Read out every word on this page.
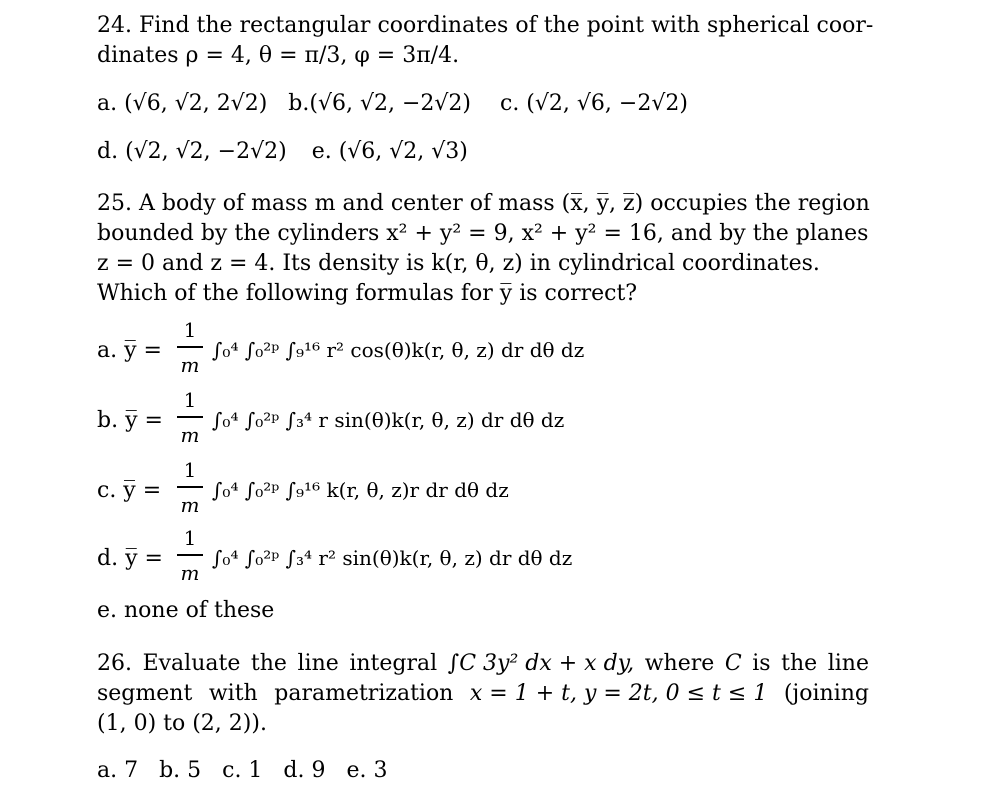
24. Find the rectangular coordinates of the point with spherical coor-
dinates ρ = 4, θ = π/3, φ = 3π/4.
a. (√6, √2, 2√2) b.(√6, √2, −2√2) c. (√2, √6, −2√2)
d. (√2, √2, −2√2) e. (√6, √2, √3)
25. A body of mass m and center of mass (x̅, y̅, z̅) occupies the region
bounded by the cylinders x² + y² = 9, x² + y² = 16, and by the planes
z = 0 and z = 4. Its density is k(r, θ, z) in cylindrical coordinates.
Which of the following formulas for y̅ is correct?
a. y̅ =
1
m
∫₀⁴ ∫₀²ᵖ ∫₉¹⁶ r² cos(θ)k(r, θ, z) dr dθ dz
b. y̅ =
1
m
∫₀⁴ ∫₀²ᵖ ∫₃⁴ r sin(θ)k(r, θ, z) dr dθ dz
c. y̅ =
1
m
∫₀⁴ ∫₀²ᵖ ∫₉¹⁶ k(r, θ, z)r dr dθ dz
d. y̅ =
1
m
∫₀⁴ ∫₀²ᵖ ∫₃⁴ r² sin(θ)k(r, θ, z) dr dθ dz
e. none of these
26. Evaluate the line integral ∫C 3y² dx + x dy, where C is the line
segment with parametrization x = 1 + t, y = 2t, 0 ≤ t ≤ 1 (joining
(1, 0) to (2, 2)).
a. 7   b. 5   c. 1   d. 9   e. 3
